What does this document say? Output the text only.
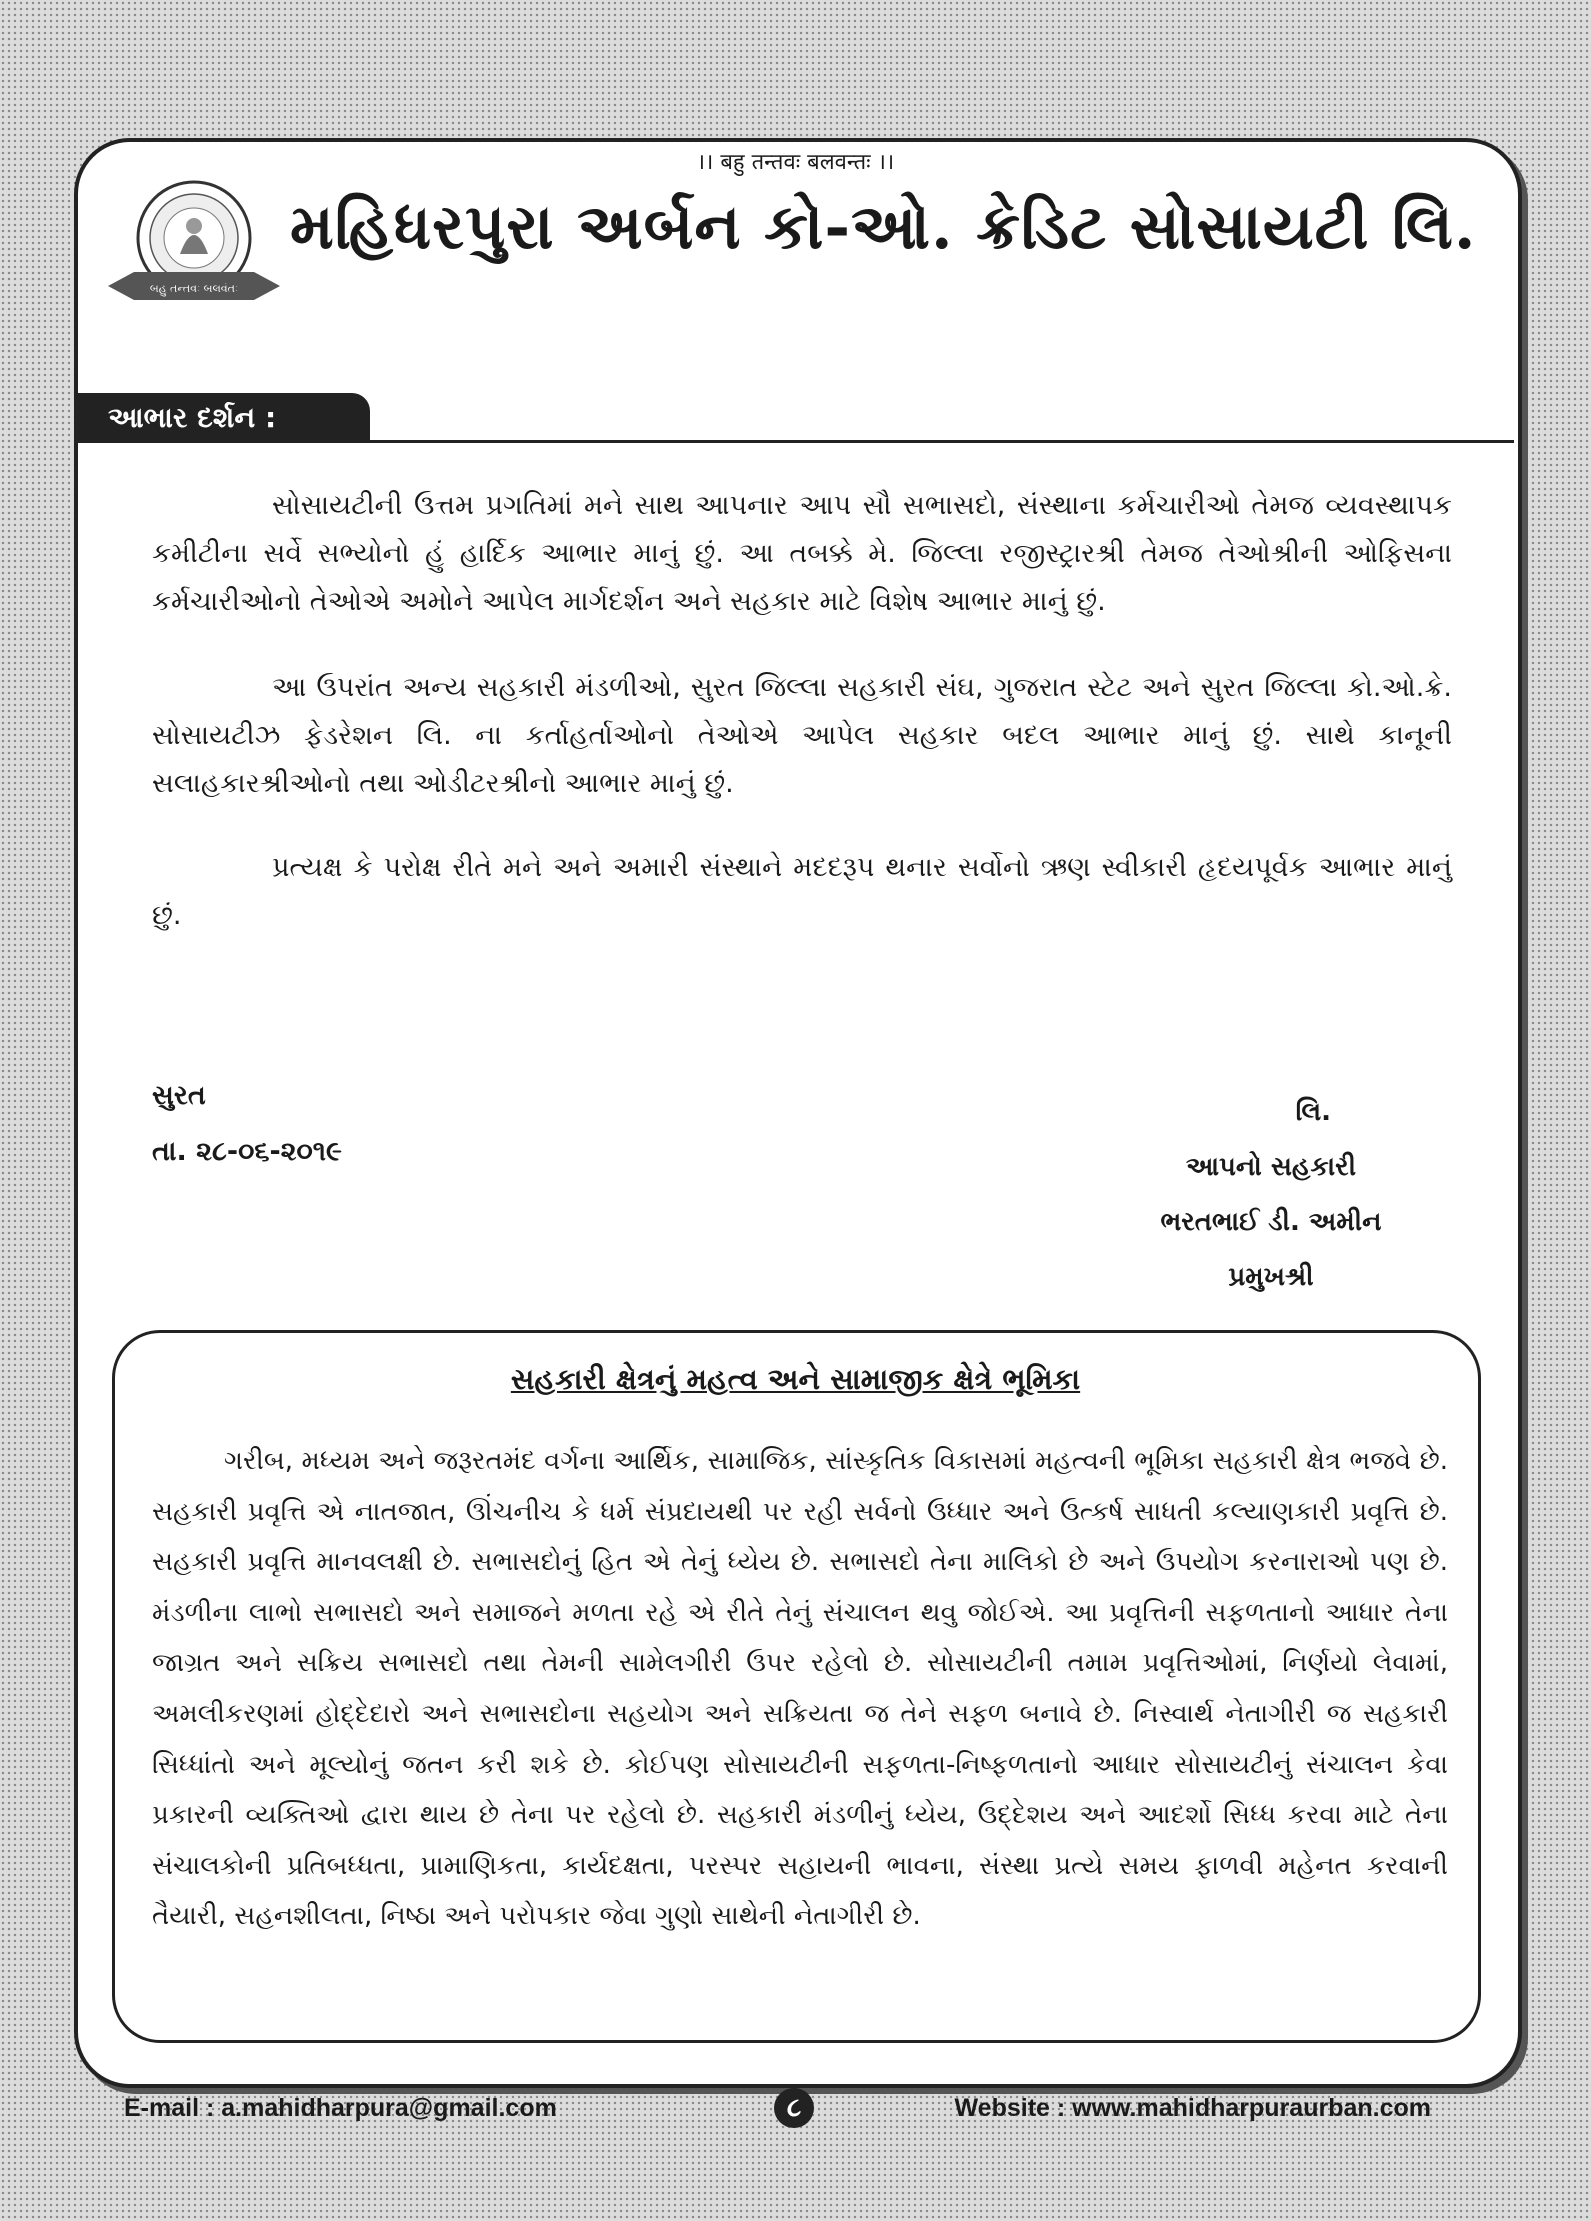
।। बहु तन्तवः बलवन्तः ।।
બહુ તન્તવઃ બલવંતઃ
મહિધરપુરા અર્બન કો-ઓ. ક્રેડિટ સોસાયટી લિ.
આભાર દર્શન :

સોસાયટીની ઉત્તમ પ્રગતિમાં મને સાથ આપનાર આપ સૌ સભાસદો, સંસ્થાના કર્મચારીઓ તેમજ વ્યવસ્થાપક કમીટીના સર્વે સભ્યોનો હું હાર્દિક આભાર માનું છું. આ તબક્કે મે. જિલ્લા રજીસ્ટ્રારશ્રી તેમજ તેઓશ્રીની ઓફિસના કર્મચારીઓનો તેઓએ અમોને આપેલ માર્ગદર્શન અને સહકાર માટે વિશેષ આભાર માનું છું.

આ ઉપરાંત અન્ય સહકારી મંડળીઓ, સુરત જિલ્લા સહકારી સંઘ, ગુજરાત સ્ટેટ અને સુરત જિલ્લા કો.ઓ.ક્રે. સોસાયટીઝ ફેડરેશન લિ. ના કર્તાહર્તાઓનો તેઓએ આપેલ સહકાર બદલ આભાર માનું છું. સાથે કાનૂની સલાહકારશ્રીઓનો તથા ઓડીટરશ્રીનો આભાર માનું છું.

પ્રત્યક્ષ કે પરોક્ષ રીતે મને અને અમારી સંસ્થાને મદદરૂપ થનાર સર્વોનો ઋણ સ્વીકારી હૃદયપૂર્વક આભાર માનું છું.

સુરત
તા. ૨૮-૦૬-૨૦૧૯
લિ.
આપનો સહકારી
ભરતભાઈ ડી. અમીન
પ્રમુખશ્રી
સહકારી ક્ષેત્રનું મહત્વ અને સામાજીક ક્ષેત્રે ભૂમિકા

ગરીબ, મધ્યમ અને જરૂરતમંદ વર્ગના આર્થિક, સામાજિક, સાંસ્કૃતિક વિકાસમાં મહત્વની ભૂમિકા સહકારી ક્ષેત્ર ભજવે છે. સહકારી પ્રવૃત્તિ એ નાતજાત, ઊંચનીચ કે ધર્મ સંપ્રદાયથી પર રહી સર્વનો ઉધ્ધાર અને ઉત્કર્ષ સાધતી કલ્યાણકારી પ્રવૃત્તિ છે. સહકારી પ્રવૃત્તિ માનવલક્ષી છે. સભાસદોનું હિત એ તેનું ધ્યેય છે. સભાસદો તેના માલિકો છે અને ઉપયોગ કરનારાઓ પણ છે. મંડળીના લાભો સભાસદો અને સમાજને મળતા રહે એ રીતે તેનું સંચાલન થવુ જોઈએ. આ પ્રવૃત્તિની સફળતાનો આધાર તેના જાગ્રત અને સક્રિય સભાસદો તથા તેમની સામેલગીરી ઉપર રહેલો છે. સોસાયટીની તમામ પ્રવૃત્તિઓમાં, નિર્ણયો લેવામાં, અમલીકરણમાં હોદ્દેદારો અને સભાસદોના સહયોગ અને સક્રિયતા જ તેને સફળ બનાવે છે. નિસ્વાર્થ નેતાગીરી જ સહકારી સિધ્ધાંતો અને મૂલ્યોનું જતન કરી શકે છે. કોઈપણ સોસાયટીની સફળતા-નિષ્ફળતાનો આધાર સોસાયટીનું સંચાલન કેવા પ્રકારની વ્યક્તિઓ દ્વારા થાય છે તેના પર રહેલો છે. સહકારી મંડળીનું ધ્યેય, ઉદ્દેશય અને આદર્શો સિધ્ધ કરવા માટે તેના સંચાલકોની પ્રતિબધ્ધતા, પ્રામાણિકતા, કાર્યદક્ષતા, પરસ્પર સહાયની ભાવના, સંસ્થા પ્રત્યે સમય ફાળવી મહેનત કરવાની તૈયારી, સહનશીલતા, નિષ્ઠા અને પરોપકાર જેવા ગુણો સાથેની નેતાગીરી છે.

E-mail : a.mahidharpura@gmail.com	૮	Website : www.mahidharpuraurban.com
